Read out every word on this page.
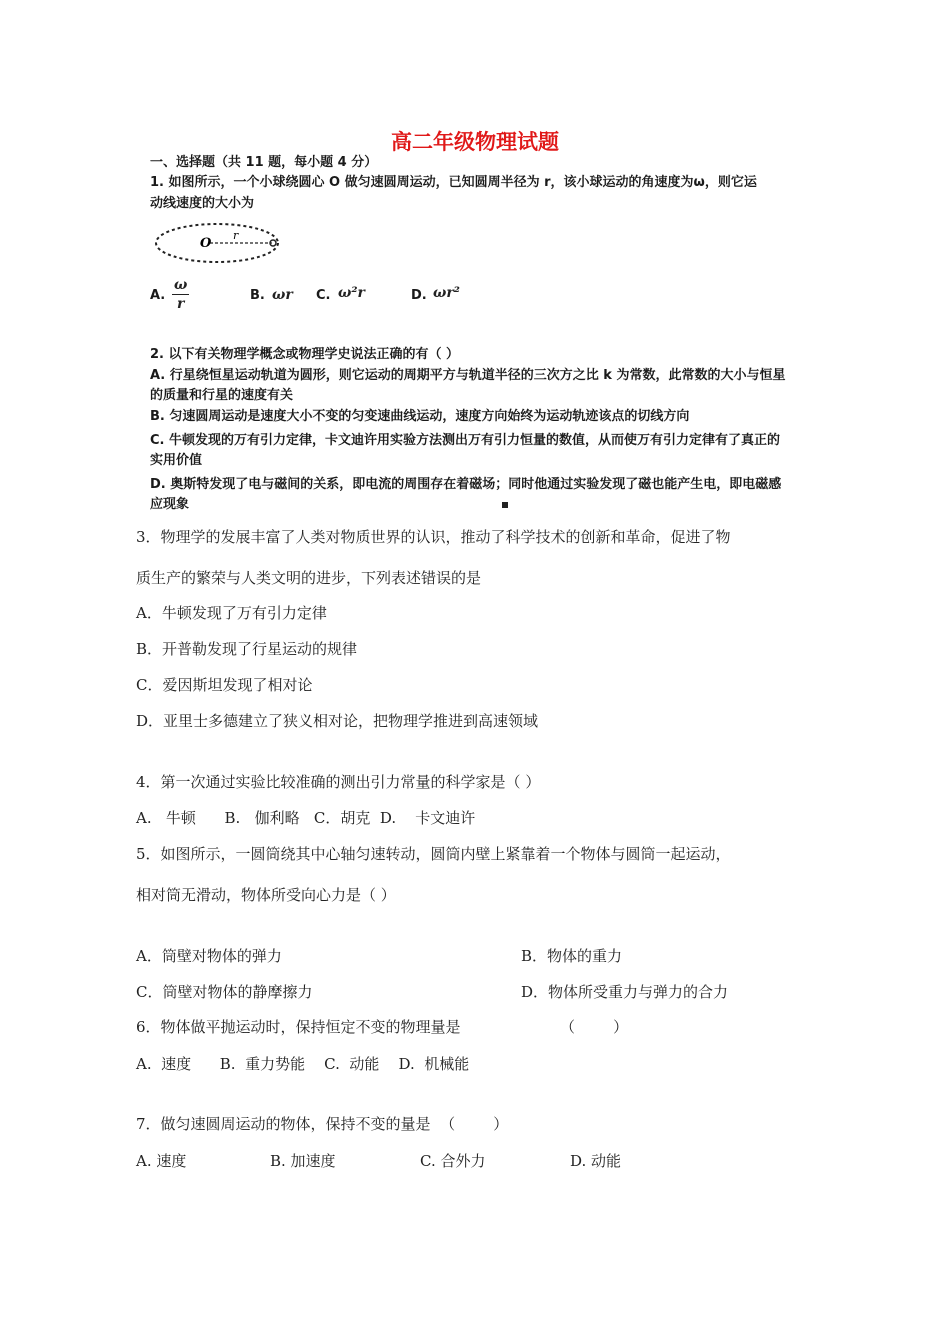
高二年级物理试题
一、选择题（共 11 题，每小题 4 分）
1. 如图所示，一个小球绕圆心 O 做匀速圆周运动，已知圆周半径为 r，该小球运动的角速度为ω，则它运
动线速度的大小为
O
r
A. $\frac{\omega}{r}$	B. ωr C. ω²r	D. ωr²
2. 以下有关物理学概念或物理学史说法正确的有（ ）
A. 行星绕恒星运动轨道为圆形，则它运动的周期平方与轨道半径的三次方之比 k 为常数，此常数的大小与恒星
的质量和行星的速度有关
B. 匀速圆周运动是速度大小不变的匀变速曲线运动，速度方向始终为运动轨迹该点的切线方向
C. 牛顿发现的万有引力定律，卡文迪许用实验方法测出万有引力恒量的数值，从而使万有引力定律有了真正的
实用价值
D. 奥斯特发现了电与磁间的关系，即电流的周围存在着磁场；同时他通过实验发现了磁也能产生电，即电磁感
应现象
3．物理学的发展丰富了人类对物质世界的认识，推动了科学技术的创新和革命，促进了物
质生产的繁荣与人类文明的进步，下列表述错误的是
A．牛顿发现了万有引力定律
B．开普勒发现了行星运动的规律
C．爱因斯坦发现了相对论
D．亚里士多德建立了狭义相对论，把物理学推进到高速领域
4．第一次通过实验比较准确的测出引力常量的科学家是（ ）
A.   牛顿      B.   伽利略   C．胡克  D.    卡文迪许
5．如图所示，一圆筒绕其中心轴匀速转动，圆筒内壁上紧靠着一个物体与圆筒一起运动，
相对筒无滑动，物体所受向心力是（ ）
A．筒壁对物体的弹力	B．物体的重力
C．筒壁对物体的静摩擦力	D．物体所受重力与弹力的合力
6．物体做平抛运动时，保持恒定不变的物理量是	（        ）
A.  速度      B.  重力势能    C.  动能    D.  机械能
7．做匀速圆周运动的物体，保持不变的量是  （        ）
A. 速度	B. 加速度	C. 合外力	D. 动能
